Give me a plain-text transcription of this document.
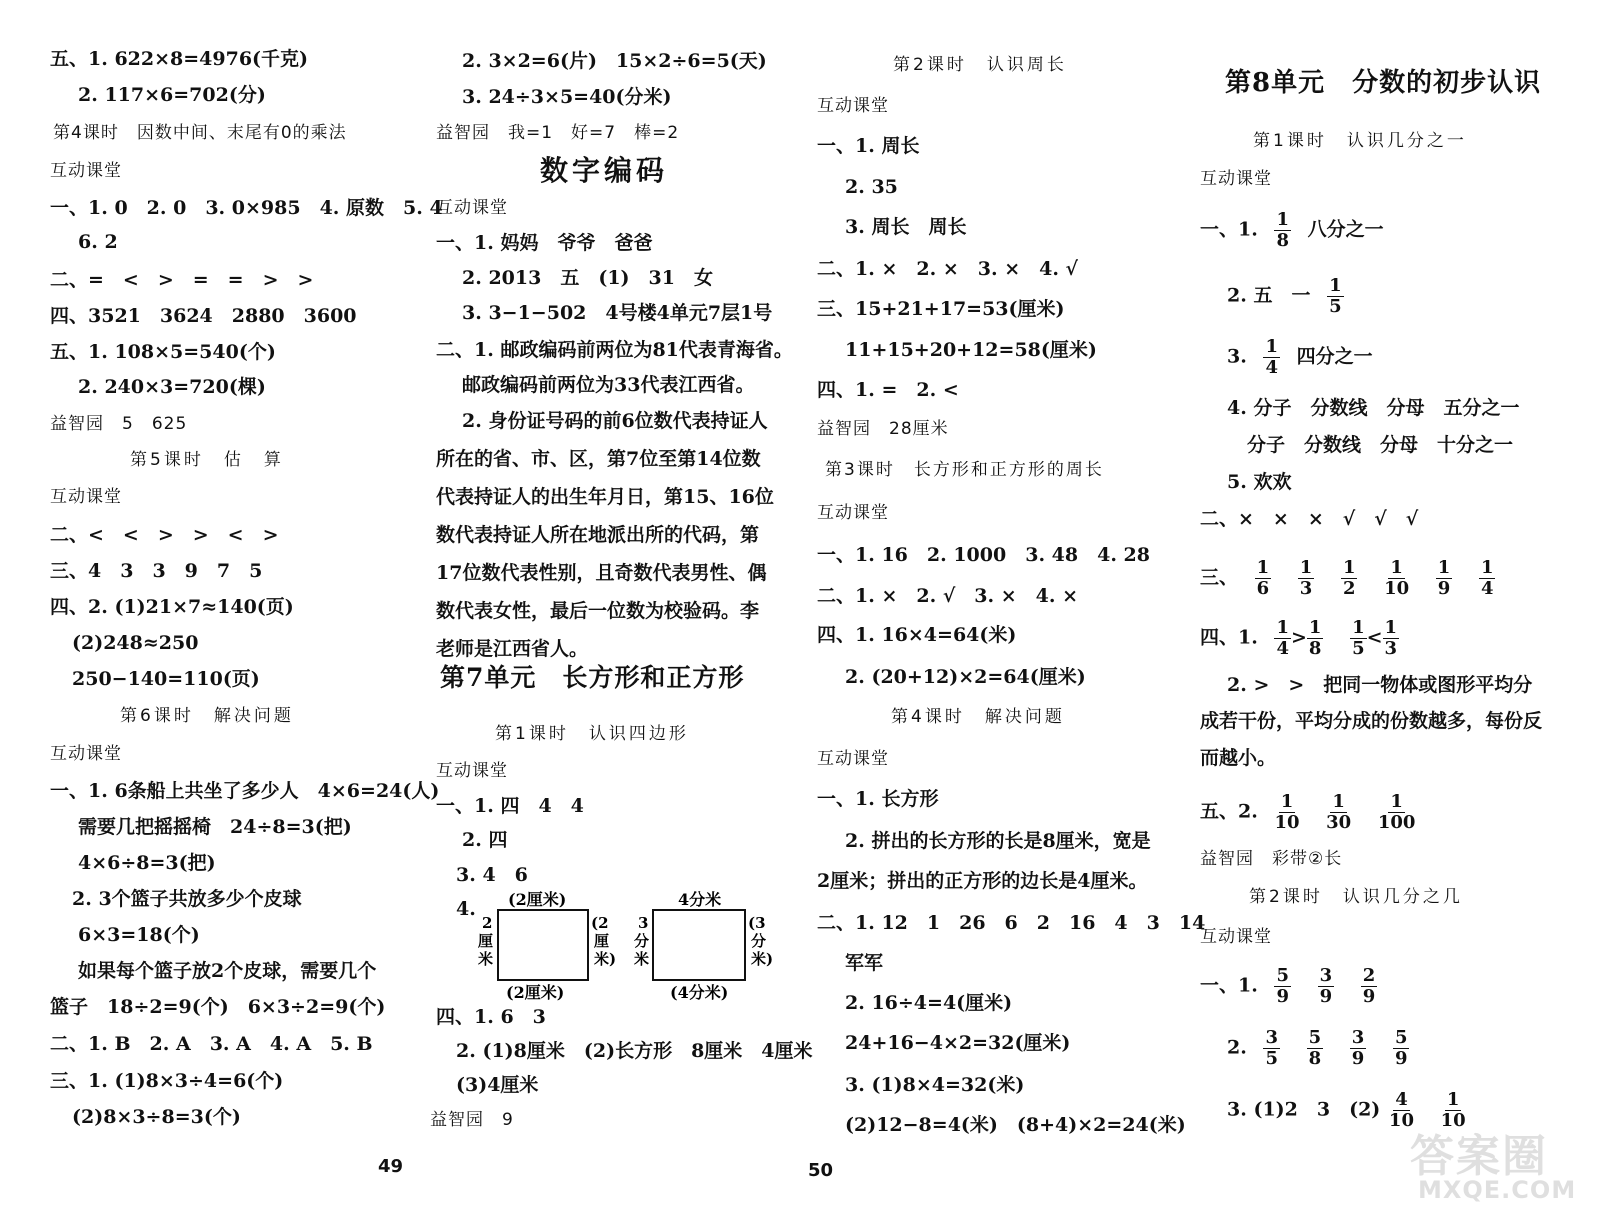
五、1. 622×8=4976(千克)
2. 117×6=702(分)
第4课时　因数中间、末尾有0的乘法
互动课堂
一、1. 0　2. 0　3. 0×985　4. 原数　5. 4
6. 2
二、=　<　>　=　=　>　>
四、3521　3624　2880　3600
五、1. 108×5=540(个)
2. 240×3=720(棵)
益智园　5　625
第5课时　估　算
互动课堂
二、<　<　>　>　<　>
三、4　3　3　9　7　5
四、2. (1)21×7≈140(页)
(2)248≈250
250−140=110(页)
第6课时　解决问题
互动课堂
一、1. 6条船上共坐了多少人　4×6=24(人)
需要几把摇摇椅　24÷8=3(把)
4×6÷8=3(把)
2. 3个篮子共放多少个皮球
6×3=18(个)
如果每个篮子放2个皮球，需要几个
篮子　18÷2=9(个)　6×3÷2=9(个)
二、1. B　2. A　3. A　4. A　5. B
三、1. (1)8×3÷4=6(个)
(2)8×3÷8=3(个)
2. 3×2=6(片)　15×2÷6=5(天)
3. 24÷3×5=40(分米)
益智园　我=1　好=7　棒=2
数字编码
互动课堂
一、1. 妈妈　爷爷　爸爸
2. 2013　五　(1)　31　女
3. 3−1−502　4号楼4单元7层1号
二、1. 邮政编码前两位为81代表青海省。
邮政编码前两位为33代表江西省。
2. 身份证号码的前6位数代表持证人所在的省、市、区，第7位至第14位数代表持证人的出生年月日，第15、16位数代表持证人所在地派出所的代码，第17位数代表性别，且奇数代表男性、偶数代表女性，最后一位数为校验码。李老师是江西省人。
第7单元　长方形和正方形
第1课时　认识四边形
互动课堂
一、1. 四　4　4
2. 四
3. 4　6
4. (2厘米)
2
厘
米
(2
厘
米)
(2厘米)
4分米
3
分
米
(3
分
米)
(4分米)
四、1. 6　3
2. (1)8厘米　(2)长方形　8厘米　4厘米
(3)4厘米
益智园　9
第2课时　认识周长
互动课堂
一、1. 周长
2. 35
3. 周长　周长
二、1. ×　2. ×　3. ×　4. √
三、15+21+17=53(厘米)
11+15+20+12=58(厘米)
四、1. =　2. <
益智园　28厘米
第3课时　长方形和正方形的周长
互动课堂
一、1. 16　2. 1000　3. 48　4. 28
二、1. ×　2. √　3. ×　4. ×
四、1. 16×4=64(米)
2. (20+12)×2=64(厘米)
第4课时　解决问题
互动课堂
一、1. 长方形
2. 拼出的长方形的长是8厘米，宽是
2厘米；拼出的正方形的边长是4厘米。
二、1. 12　1　26　6　2　16　4　3　14
军军
2. 16÷4=4(厘米)
24+16−4×2=32(厘米)
3. (1)8×4=32(米)
(2)12−8=4(米)　(8+4)×2=24(米)
第8单元　分数的初步认识
第1课时　认识几分之一
互动课堂
一、1. $\frac{1}{8}$ 八分之一
2. 五　一 $\frac{1}{5}$
3. $\frac{1}{4}$ 四分之一
4. 分子　分数线　分母　五分之一
分子　分数线　分母　十分之一
5. 欢欢
二、×　×　×　√　√　√
三、 $\frac{1}{6}$
$\frac{1}{3}$
$\frac{1}{2}$
$\frac{1}{10}$
$\frac{1}{9}$
$\frac{1}{4}$
四、1. $\frac{1}{4} > \frac{1}{8}$
$\frac{1}{5} < \frac{1}{3}$
2. >　>　把同一物体或图形平均分
成若干份，平均分成的份数越多，每份反
而越小。
五、2. $\frac{1}{10}$
$\frac{1}{30}$
$\frac{1}{100}$
益智园　彩带②长
第2课时　认识几分之几
互动课堂
一、1. $\frac{5}{9}$
$\frac{3}{9}$
$\frac{2}{9}$
2. $\frac{3}{5}$
$\frac{5}{8}$
$\frac{3}{9}$
$\frac{5}{9}$
3. (1)2　3　$(2) \frac{4}{10}$
$\frac{1}{10}$
49	50	答案圈
MXQE.COM
